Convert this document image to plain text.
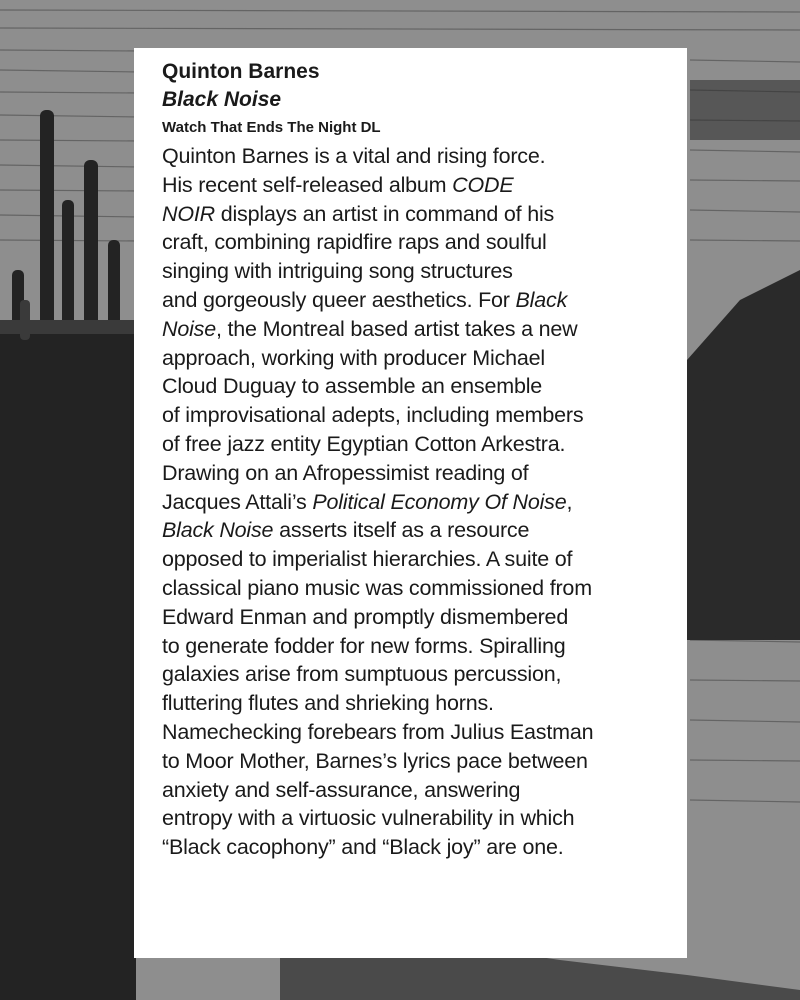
Quinton Barnes
Black Noise
Watch That Ends The Night DL
Quinton Barnes is a vital and rising force.
His recent self-released album CODE
NOIR displays an artist in command of his
craft, combining rapidfire raps and soulful
singing with intriguing song structures
and gorgeously queer aesthetics. For Black
Noise, the Montreal based artist takes a new
approach, working with producer Michael
Cloud Duguay to assemble an ensemble
of improvisational adepts, including members
of free jazz entity Egyptian Cotton Arkestra.
Drawing on an Afropessimist reading of
Jacques Attali’s Political Economy Of Noise,
Black Noise asserts itself as a resource
opposed to imperialist hierarchies. A suite of
classical piano music was commissioned from
Edward Enman and promptly dismembered
to generate fodder for new forms. Spiralling
galaxies arise from sumptuous percussion,
fluttering flutes and shrieking horns.
Namechecking forebears from Julius Eastman
to Moor Mother, Barnes’s lyrics pace between
anxiety and self-assurance, answering
entropy with a virtuosic vulnerability in which
“Black cacophony” and “Black joy” are one.
